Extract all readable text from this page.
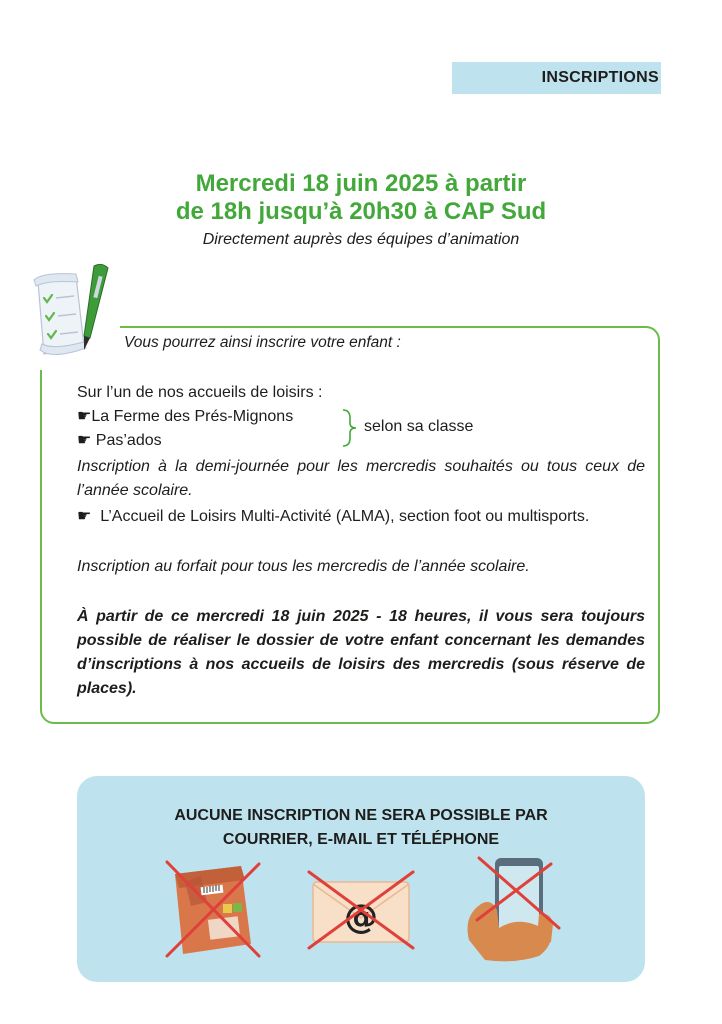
INSCRIPTIONS
Mercredi 18 juin 2025 à partir
de 18h jusqu’à 20h30 à CAP Sud
Directement auprès des équipes d’animation
Vous pourrez ainsi inscrire votre enfant :
Sur l’un de nos accueils de loisirs :
☛La Ferme des Prés-Mignons
☛ Pas’ados
selon sa classe
Inscription à la demi-journée pour les mercredis souhaités ou tous ceux de l’année scolaire.
☛ L’Accueil de Loisirs Multi-Activité (ALMA), section foot ou multisports.
Inscription au forfait pour tous les mercredis de l’année scolaire.
À partir de ce mercredi 18 juin 2025 - 18 heures, il vous sera toujours possible de réaliser le dossier de votre enfant concernant les demandes d’inscriptions à nos accueils de loisirs des mercredis (sous réserve de places).
AUCUNE INSCRIPTION NE SERA POSSIBLE PAR
COURRIER, E-MAIL ET TÉLÉPHONE
@
